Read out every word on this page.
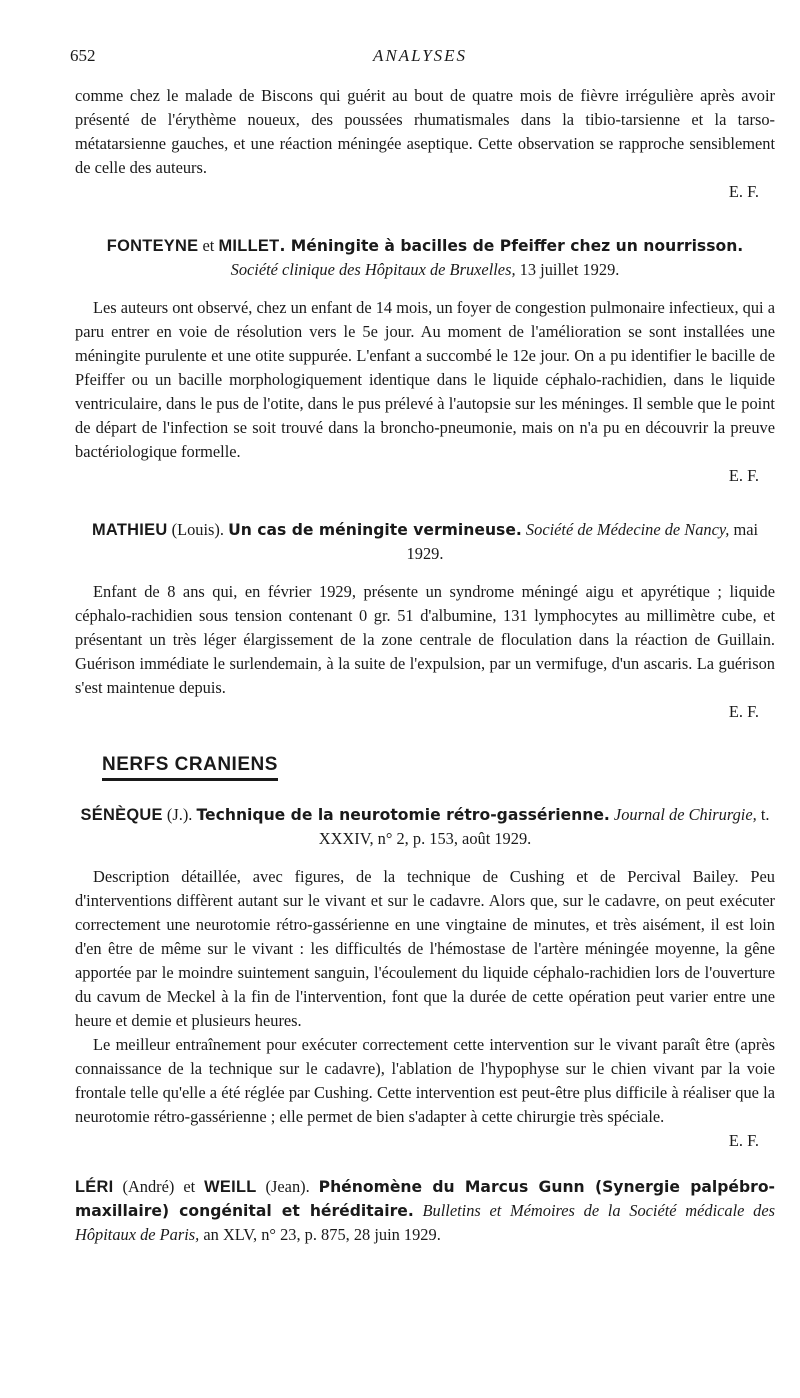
652	ANALYSES

comme chez le malade de Biscons qui guérit au bout de quatre mois de fièvre irrégulière après avoir présenté de l'érythème noueux, des poussées rhumatismales dans la tibio-tarsienne et la tarso-métatarsienne gauches, et une réaction méningée aseptique. Cette observation se rapproche sensiblement de celle des auteurs.

E. F.
FONTEYNE et MILLET. Méningite à bacilles de Pfeiffer chez un nourrisson.
Société clinique des Hôpitaux de Bruxelles, 13 juillet 1929.

Les auteurs ont observé, chez un enfant de 14 mois, un foyer de congestion pulmonaire infectieux, qui a paru entrer en voie de résolution vers le 5e jour. Au moment de l'amélioration se sont installées une méningite purulente et une otite suppurée. L'enfant a succombé le 12e jour. On a pu identifier le bacille de Pfeiffer ou un bacille morphologiquement identique dans le liquide céphalo-rachidien, dans le liquide ventriculaire, dans le pus de l'otite, dans le pus prélevé à l'autopsie sur les méninges. Il semble que le point de départ de l'infection se soit trouvé dans la broncho-pneumonie, mais on n'a pu en découvrir la preuve bactériologique formelle.

E. F.
MATHIEU (Louis). Un cas de méningite vermineuse. Société de Médecine de Nancy, mai 1929.

Enfant de 8 ans qui, en février 1929, présente un syndrome méningé aigu et apyrétique ; liquide céphalo-rachidien sous tension contenant 0 gr. 51 d'albumine, 131 lymphocytes au millimètre cube, et présentant un très léger élargissement de la zone centrale de floculation dans la réaction de Guillain. Guérison immédiate le surlendemain, à la suite de l'expulsion, par un vermifuge, d'un ascaris. La guérison s'est maintenue depuis.

E. F.
NERFS CRANIENS
SÉNÈQUE (J.). Technique de la neurotomie rétro-gassérienne. Journal de Chirurgie, t. XXXIV, n° 2, p. 153, août 1929.

Description détaillée, avec figures, de la technique de Cushing et de Percival Bailey. Peu d'interventions diffèrent autant sur le vivant et sur le cadavre. Alors que, sur le cadavre, on peut exécuter correctement une neurotomie rétro-gassérienne en une vingtaine de minutes, et très aisément, il est loin d'en être de même sur le vivant : les difficultés de l'hémostase de l'artère méningée moyenne, la gêne apportée par le moindre suintement sanguin, l'écoulement du liquide céphalo-rachidien lors de l'ouverture du cavum de Meckel à la fin de l'intervention, font que la durée de cette opération peut varier entre une heure et demie et plusieurs heures.

Le meilleur entraînement pour exécuter correctement cette intervention sur le vivant paraît être (après connaissance de la technique sur le cadavre), l'ablation de l'hypophyse sur le chien vivant par la voie frontale telle qu'elle a été réglée par Cushing. Cette intervention est peut-être plus difficile à réaliser que la neurotomie rétro-gassérienne ; elle permet de bien s'adapter à cette chirurgie très spéciale.

E. F.
LÉRI (André) et WEILL (Jean). Phénomène du Marcus Gunn (Synergie palpébro-maxillaire) congénital et héréditaire. Bulletins et Mémoires de la Société médicale des Hôpitaux de Paris, an XLV, n° 23, p. 875, 28 juin 1929.
